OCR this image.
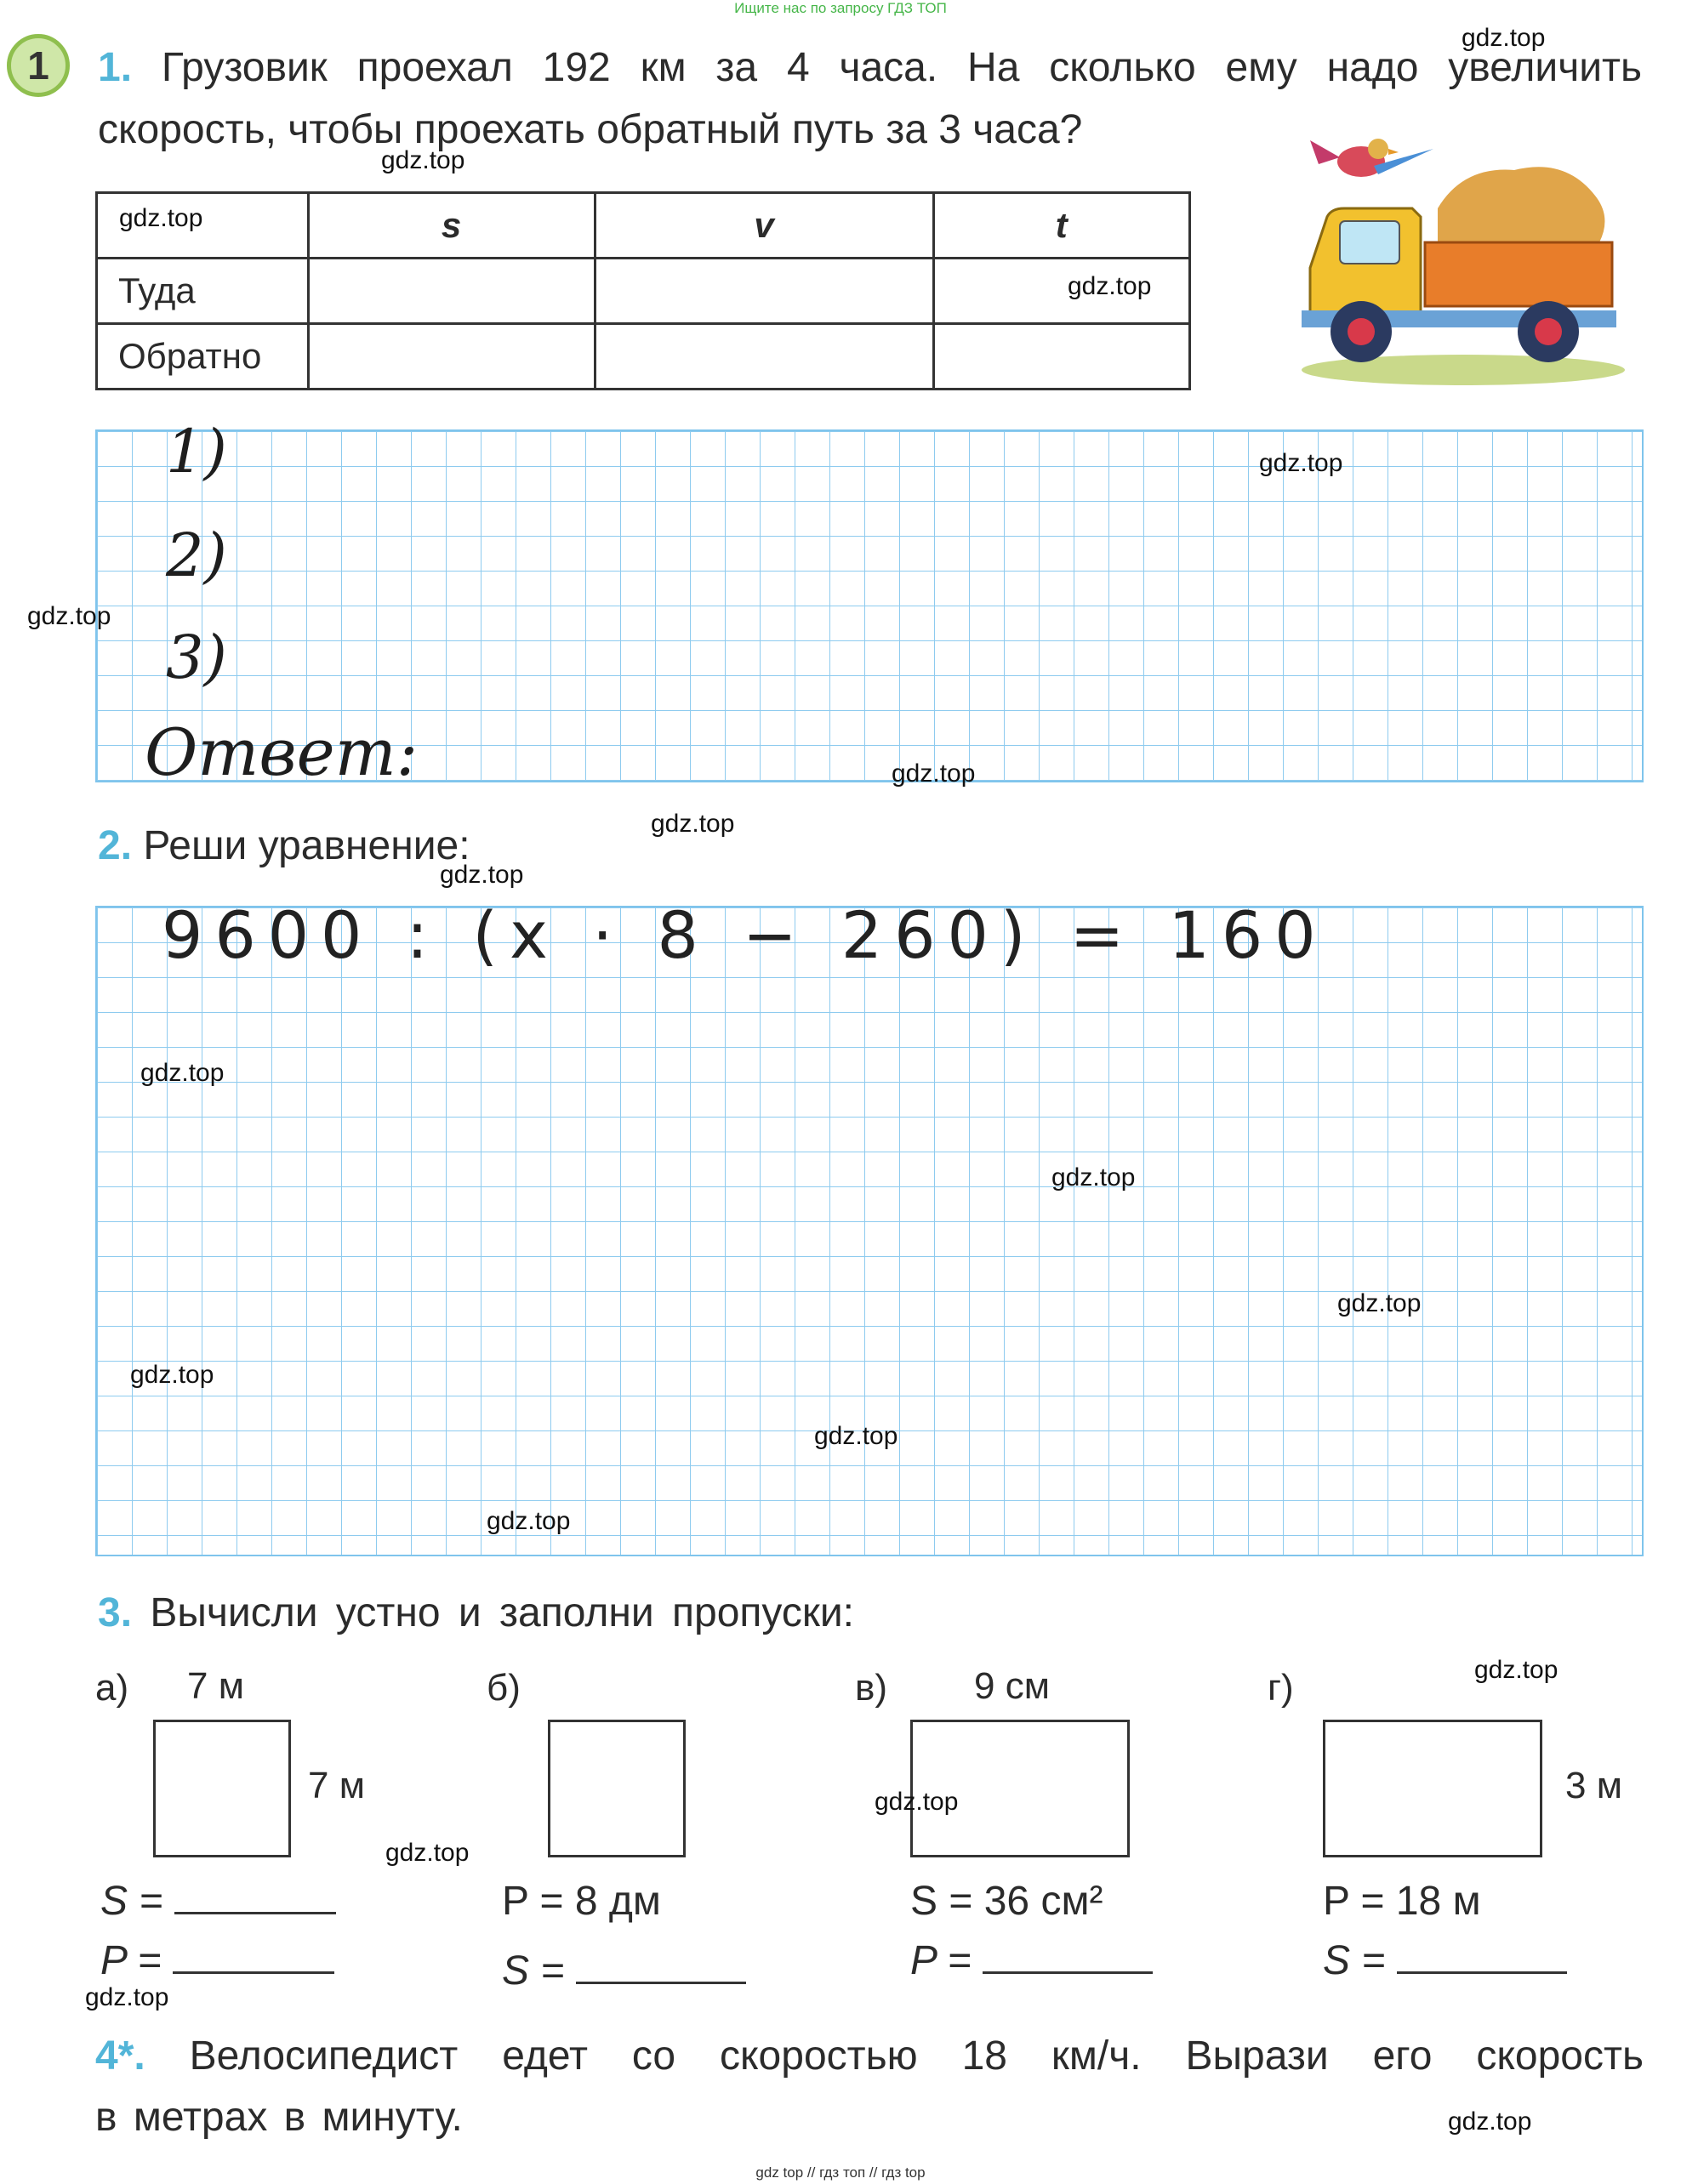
Ищите нас по запросу ГДЗ ТОП
1	1. Грузовик проехал 192 км за 4 часа. На сколько ему надо увеличить
скорость, чтобы проехать обратный путь за 3 часа?
	s	v	t
Туда			
Обратно			
1)
2)
3)
Ответ:
2. Реши уравнение:
9600 : (x · 8 − 260) = 160
3. Вычисли устно и заполни пропуски:
а) 7 м
7 м
S =
P =
б)
P = 8 дм
S =
в) 9 см
S = 36 см²
P =
г)
3 м
P = 18 м
S =
4*. Велосипедист едет со скоростью 18 км/ч. Вырази его скорость
в метрах в минуту.
gdz.top
gdz.top
gdz.top
gdz.top
gdz.top
gdz.top
gdz.top
gdz.top
gdz.top
gdz.top
gdz.top
gdz.top
gdz.top
gdz.top
gdz.top
gdz.top
gdz.top
gdz.top
gdz.top
gdz.top
gdz top // гдз топ // гдз top
